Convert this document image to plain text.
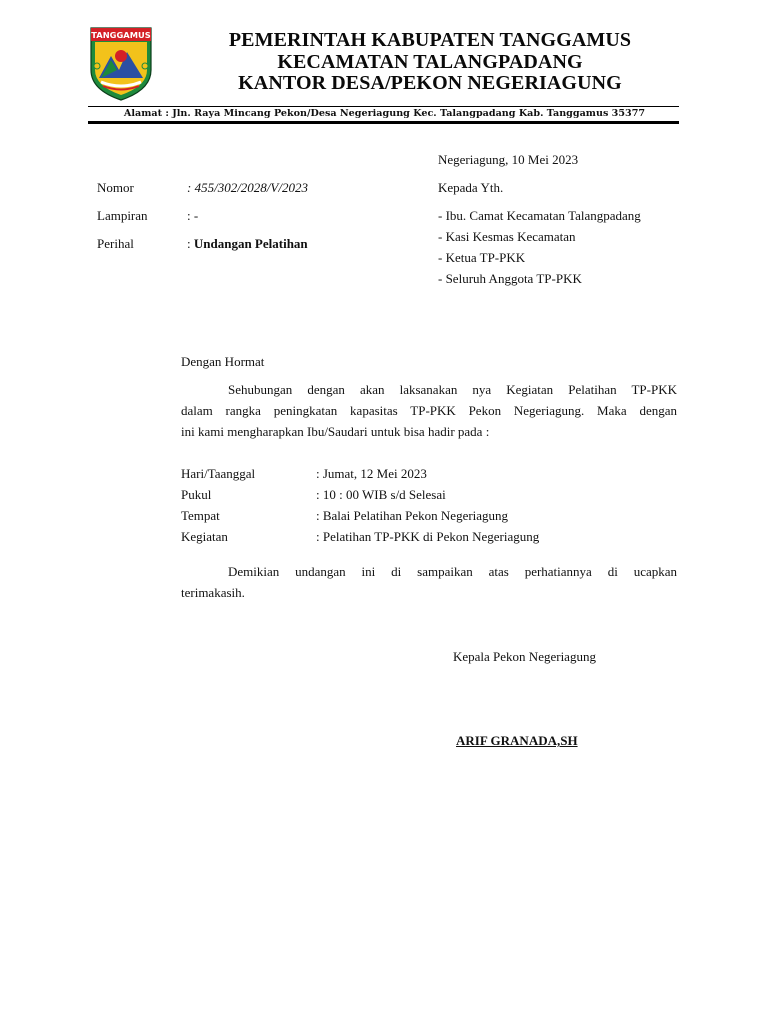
TANGGAMUS	PEMERINTAH KABUPATEN TANGGAMUS
KECAMATAN TALANGPADANG
KANTOR DESA/PEKON NEGERIAGUNG
Alamat : Jln. Raya Mincang Pekon/Desa Negeriagung Kec. Talangpadang Kab. Tanggamus 35377
Negeriagung, 10 Mei 2023
Nomor	: 455/302/2028/V/2023
Lampiran	: -
Perihal	: Undangan Pelatihan
Kepada Yth.
- Ibu. Camat Kecamatan Talangpadang
- Kasi Kesmas Kecamatan
- Ketua TP-PKK
- Seluruh Anggota TP-PKK
Dengan Hormat
Sehubungan dengan akan laksanakan nya Kegiatan Pelatihan TP-PKK
dalam rangka peningkatan kapasitas TP-PKK Pekon Negeriagung. Maka dengan
ini kami mengharapkan Ibu/Saudari untuk bisa hadir pada :
Hari/Taanggal	: Jumat, 12 Mei 2023
Pukul	: 10 : 00 WIB s/d Selesai
Tempat	: Balai Pelatihan Pekon Negeriagung
Kegiatan	: Pelatihan TP-PKK di Pekon Negeriagung
Demikian undangan ini di sampaikan atas perhatiannya di ucapkan
terimakasih.
Kepala Pekon Negeriagung
ARIF GRANADA,SH
